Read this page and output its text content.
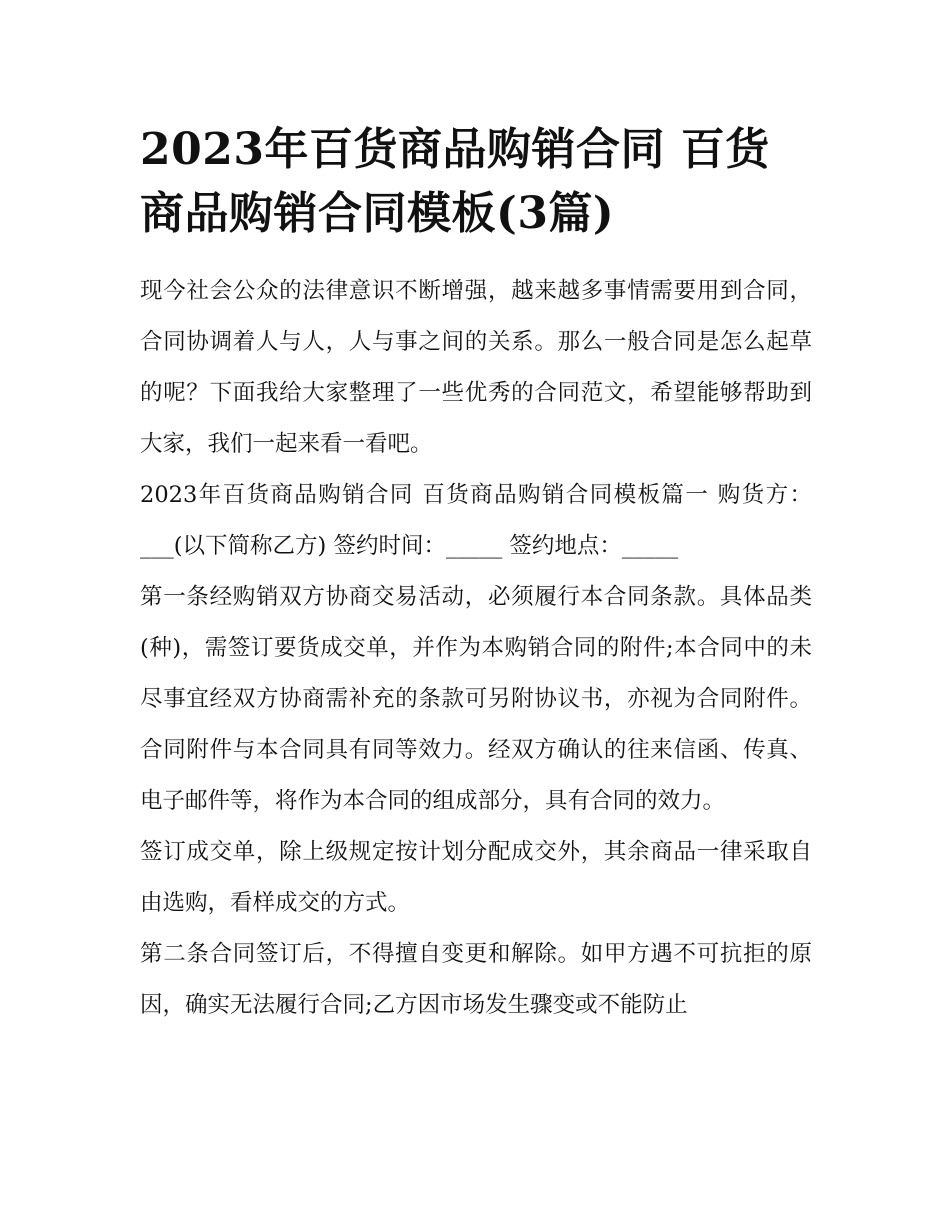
2023年百货商品购销合同 百货商品购销合同模板(3篇)

现今社会公众的法律意识不断增强，越来越多事情需要用到合同，合同协调着人与人，人与事之间的关系。那么一般合同是怎么起草的呢？下面我给大家整理了一些优秀的合同范文，希望能够帮助到大家，我们一起来看一看吧。

2023年百货商品购销合同 百货商品购销合同模板篇一 购货方：___(以下简称乙方) 签约时间：_____ 签约地点：_____

第一条经购销双方协商交易活动，必须履行本合同条款。具体品类(种)，需签订要货成交单，并作为本购销合同的附件;本合同中的未尽事宜经双方协商需补充的条款可另附协议书，亦视为合同附件。合同附件与本合同具有同等效力。经双方确认的往来信函、传真、电子邮件等，将作为本合同的组成部分，具有合同的效力。

签订成交单，除上级规定按计划分配成交外，其余商品一律采取自由选购，看样成交的方式。

第二条合同签订后，不得擅自变更和解除。如甲方遇不可抗拒的原因，确实无法履行合同;乙方因市场发生骤变或不能防止
